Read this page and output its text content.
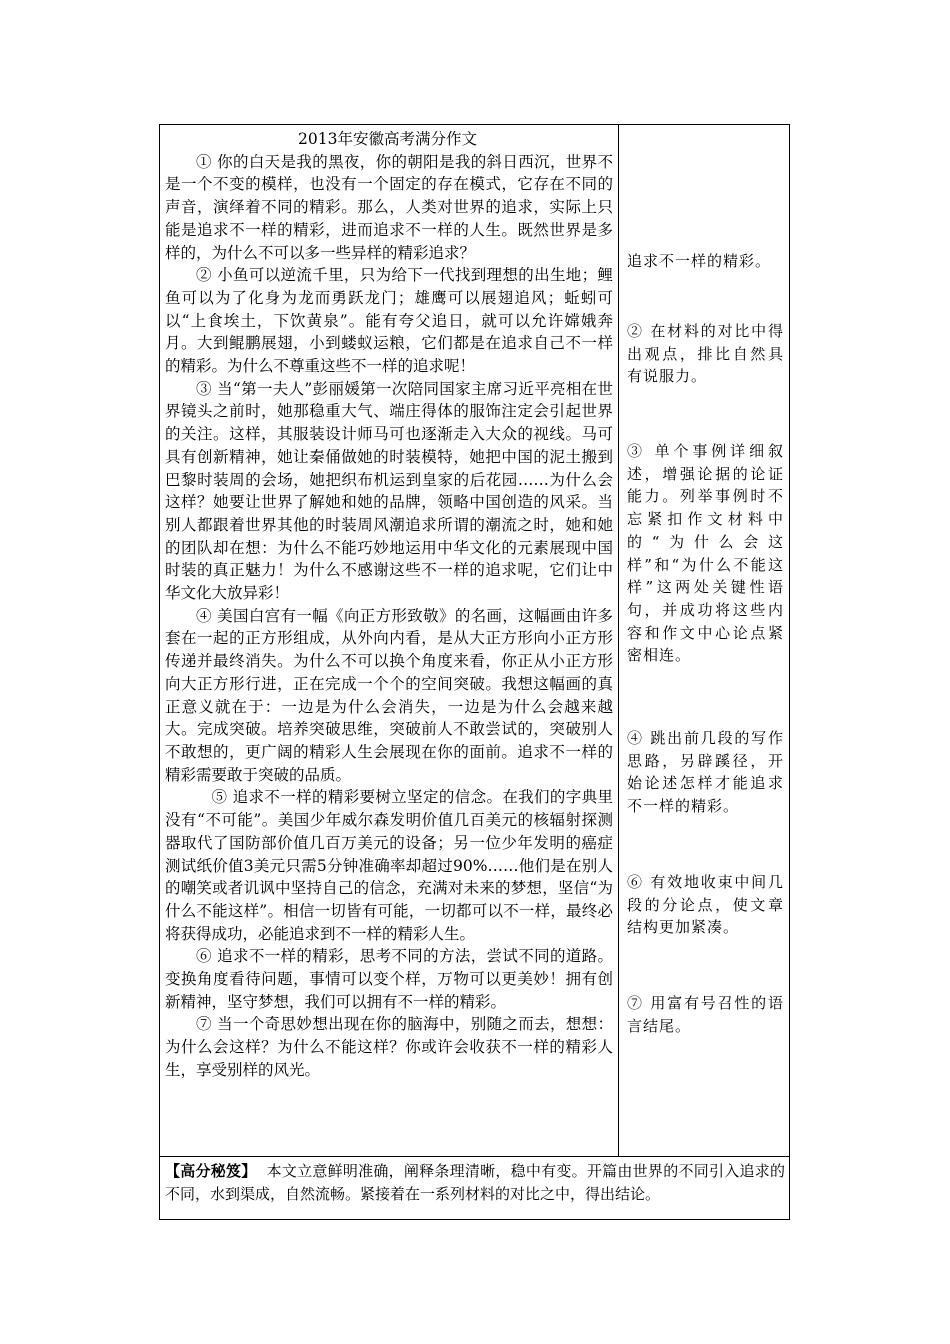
2013年安徽高考满分作文

① 你的白天是我的黑夜，你的朝阳是我的斜日西沉，世界不是一个不变的模样，也没有一个固定的存在模式，它存在不同的声音，演绎着不同的精彩。那么，人类对世界的追求，实际上只能是追求不一样的精彩，进而追求不一样的人生。既然世界是多样的，为什么不可以多一些异样的精彩追求？

② 小鱼可以逆流千里，只为给下一代找到理想的出生地；鲤鱼可以为了化身为龙而勇跃龙门；雄鹰可以展翅追风；蚯蚓可以“上食埃土，下饮黄泉”。能有夸父追日，就可以允许嫦娥奔月。大到鲲鹏展翅，小到蝼蚁运粮，它们都是在追求自己不一样的精彩。为什么不尊重这些不一样的追求呢！

③ 当“第一夫人”彭丽媛第一次陪同国家主席习近平亮相在世界镜头之前时，她那稳重大气、端庄得体的服饰注定会引起世界的关注。这样，其服装设计师马可也逐渐走入大众的视线。马可具有创新精神，她让秦俑做她的时装模特，她把中国的泥土搬到巴黎时装周的会场，她把织布机运到皇家的后花园……为什么会这样？她要让世界了解她和她的品牌，领略中国创造的风采。当别人都跟着世界其他的时装周风潮追求所谓的潮流之时，她和她的团队却在想：为什么不能巧妙地运用中华文化的元素展现中国时装的真正魅力！为什么不感谢这些不一样的追求呢，它们让中华文化大放异彩！

④ 美国白宫有一幅《向正方形致敬》的名画，这幅画由许多套在一起的正方形组成，从外向内看，是从大正方形向小正方形传递并最终消失。为什么不可以换个角度来看，你正从小正方形向大正方形行进，正在完成一个个的空间突破。我想这幅画的真正意义就在于：一边是为什么会消失，一边是为什么会越来越大。完成突破。培养突破思维，突破前人不敢尝试的，突破别人不敢想的，更广阔的精彩人生会展现在你的面前。追求不一样的精彩需要敢于突破的品质。

⑤ 追求不一样的精彩要树立坚定的信念。在我们的字典里没有“不可能”。美国少年威尔森发明价值几百美元的核辐射探测器取代了国防部价值几百万美元的设备；另一位少年发明的癌症测试纸价值3美元只需5分钟准确率却超过90%……他们是在别人的嘲笑或者讥讽中坚持自己的信念，充满对未来的梦想，坚信“为什么不能这样”。相信一切皆有可能，一切都可以不一样，最终必将获得成功，必能追求到不一样的精彩人生。

⑥ 追求不一样的精彩，思考不同的方法，尝试不同的道路。变换角度看待问题，事情可以变个样，万物可以更美妙！拥有创新精神，坚守梦想，我们可以拥有不一样的精彩。

⑦ 当一个奇思妙想出现在你的脑海中，别随之而去，想想：为什么会这样？为什么不能这样？你或许会收获不一样的精彩人生，享受别样的风光。

追求不一样的精彩。
② 在材料的对比中得出观点，排比自然具有说服力。
③ 单个事例详细叙述，增强论据的论证能力。列举事例时不忘紧扣作文材料中的“为什么会这样”和“为什么不能这样”这两处关键性语句，并成功将这些内容和作文中心论点紧密相连。
④ 跳出前几段的写作思路，另辟蹊径，开始论述怎样才能追求不一样的精彩。
⑥ 有效地收束中间几段的分论点，使文章结构更加紧凑。
⑦ 用富有号召性的语言结尾。
【高分秘笈】 本文立意鲜明准确，阐释条理清晰，稳中有变。开篇由世界的不同引入追求的不同，水到渠成，自然流畅。紧接着在一系列材料的对比之中，得出结论。
